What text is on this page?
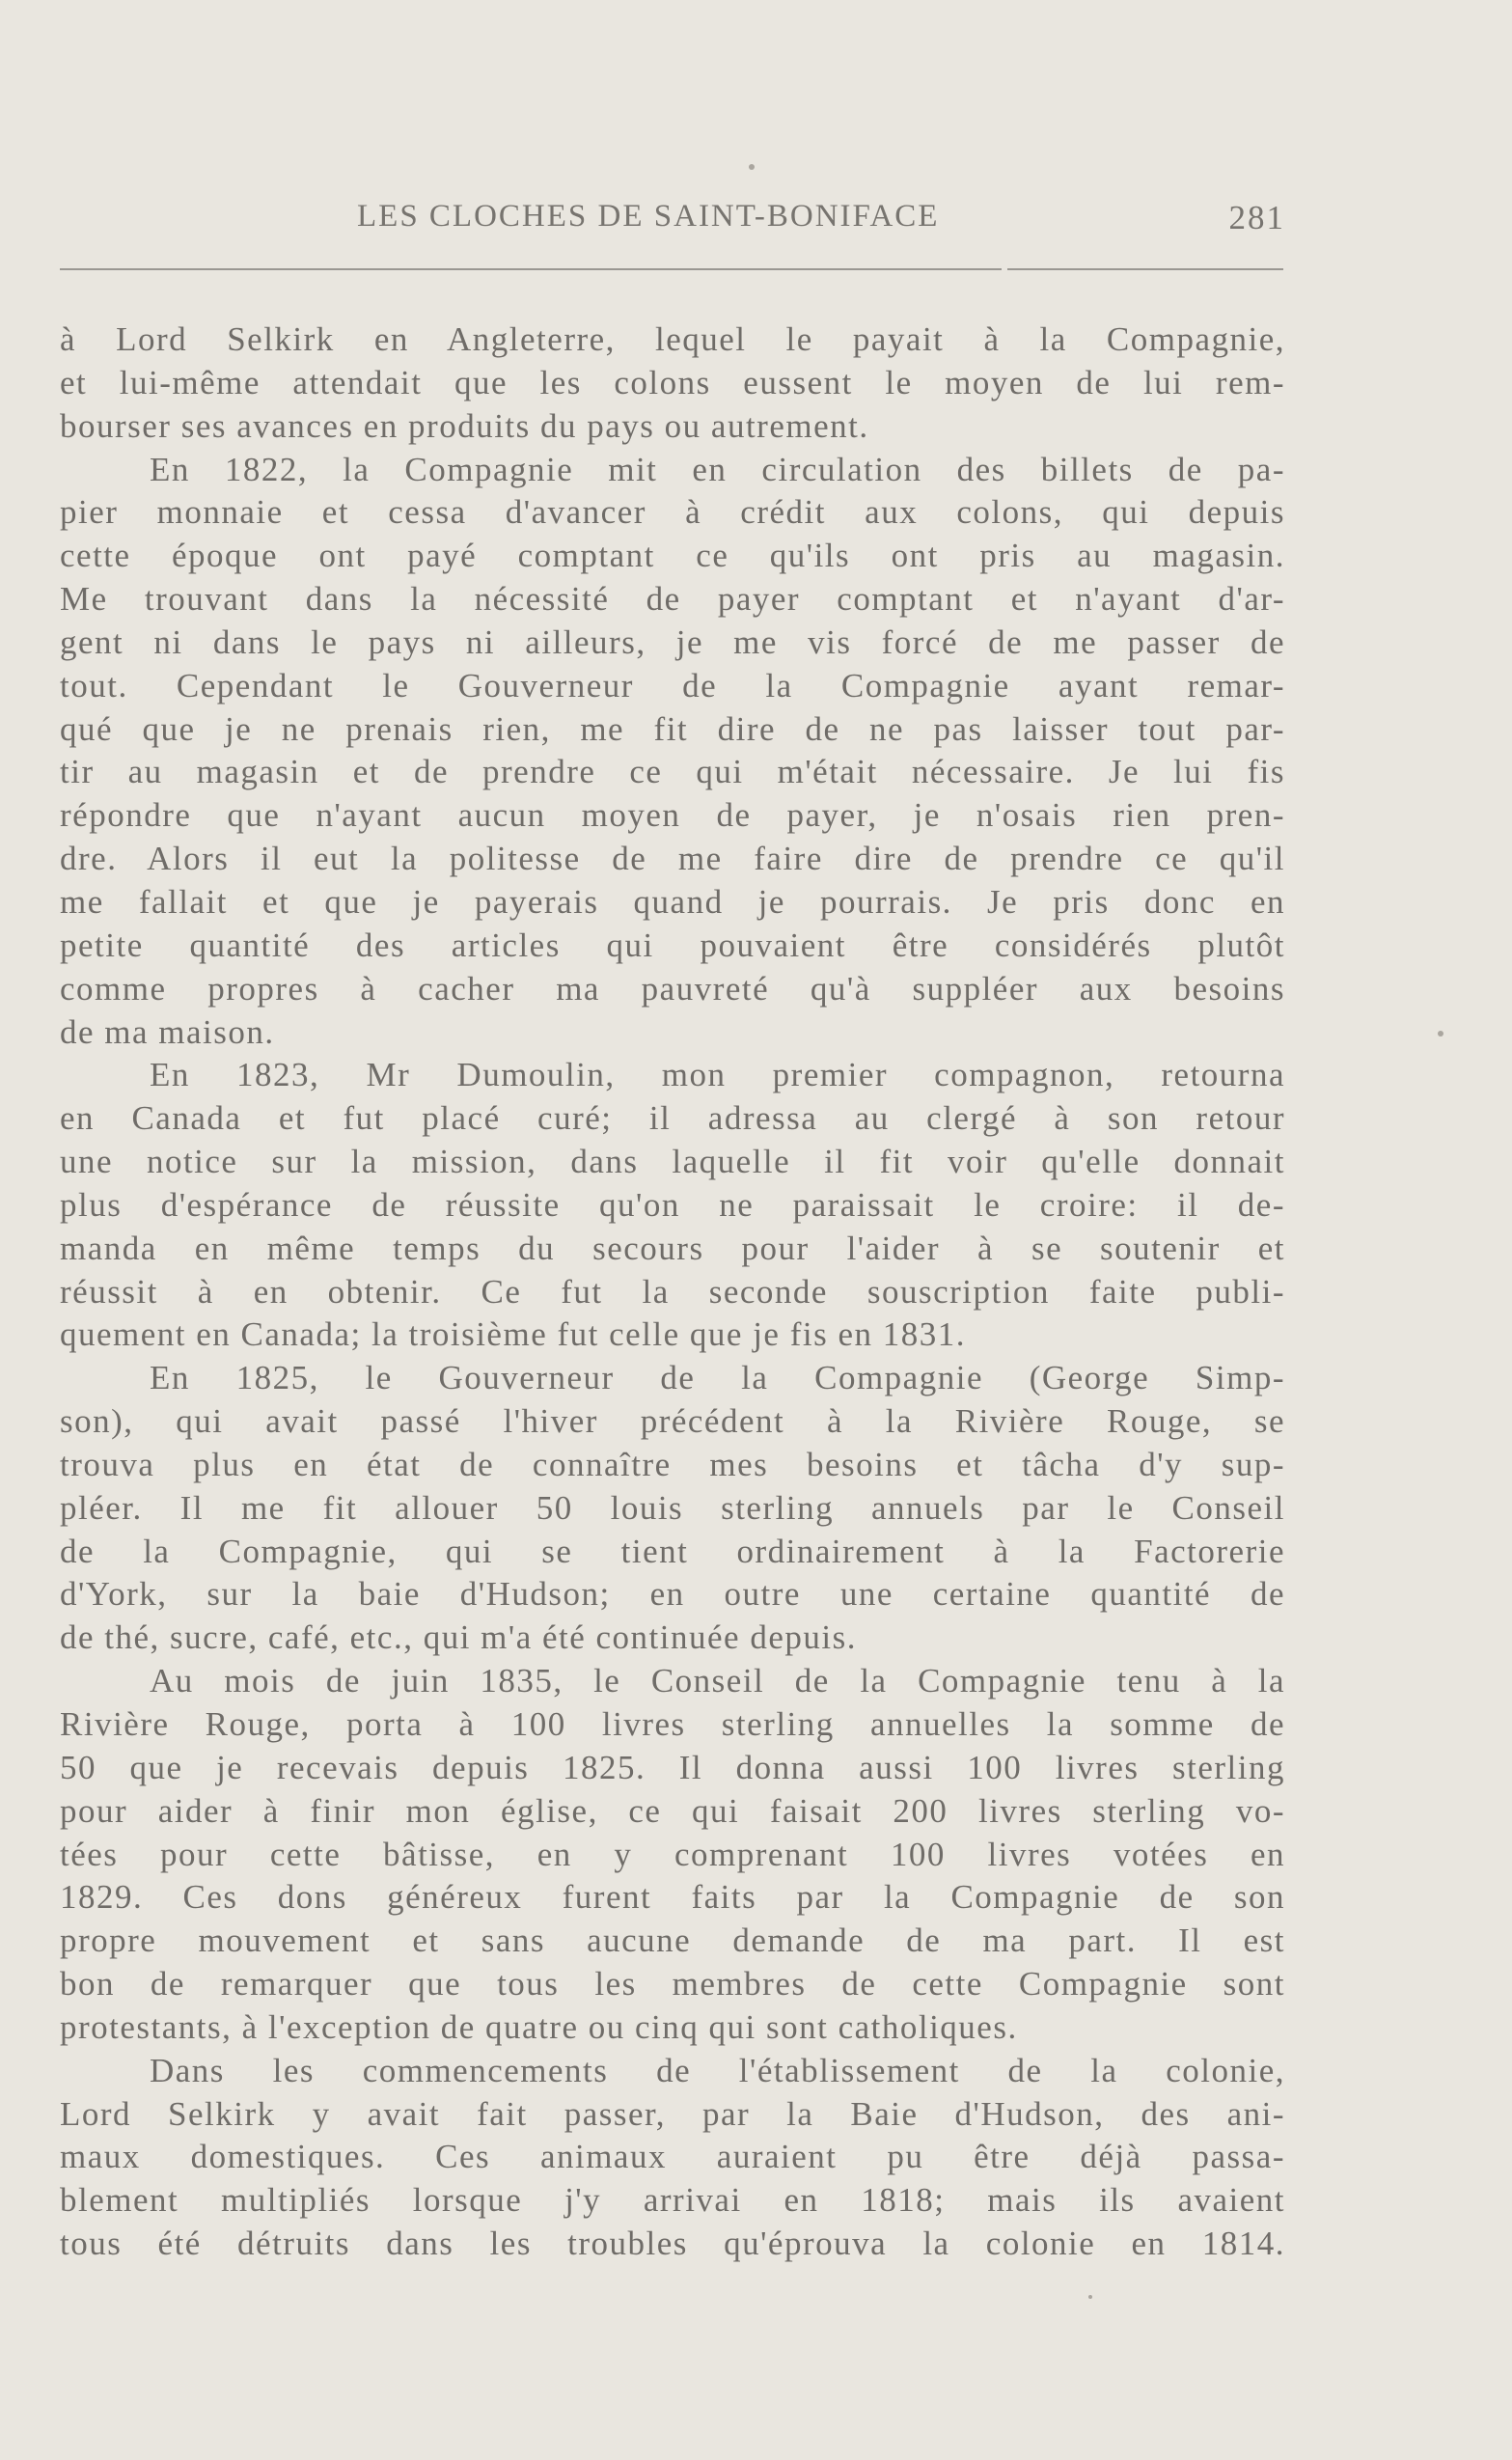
LES CLOCHES DE SAINT-BONIFACE	281
à Lord Selkirk en Angleterre, lequel le payait à la Compagnie,
et lui-même attendait que les colons eussent le moyen de lui rem-
bourser ses avances en produits du pays ou autrement.
En 1822, la Compagnie mit en circulation des billets de pa-
pier monnaie et cessa d'avancer à crédit aux colons, qui depuis
cette époque ont payé comptant ce qu'ils ont pris au magasin.
Me trouvant dans la nécessité de payer comptant et n'ayant d'ar-
gent ni dans le pays ni ailleurs, je me vis forcé de me passer de
tout. Cependant le Gouverneur de la Compagnie ayant remar-
qué que je ne prenais rien, me fit dire de ne pas laisser tout par-
tir au magasin et de prendre ce qui m'était nécessaire. Je lui fis
répondre que n'ayant aucun moyen de payer, je n'osais rien pren-
dre. Alors il eut la politesse de me faire dire de prendre ce qu'il
me fallait et que je payerais quand je pourrais. Je pris donc en
petite quantité des articles qui pouvaient être considérés plutôt
comme propres à cacher ma pauvreté qu'à suppléer aux besoins
de ma maison.
En 1823, Mr Dumoulin, mon premier compagnon, retourna
en Canada et fut placé curé; il adressa au clergé à son retour
une notice sur la mission, dans laquelle il fit voir qu'elle donnait
plus d'espérance de réussite qu'on ne paraissait le croire: il de-
manda en même temps du secours pour l'aider à se soutenir et
réussit à en obtenir. Ce fut la seconde souscription faite publi-
quement en Canada; la troisième fut celle que je fis en 1831.
En 1825, le Gouverneur de la Compagnie (George Simp-
son), qui avait passé l'hiver précédent à la Rivière Rouge, se
trouva plus en état de connaître mes besoins et tâcha d'y sup-
pléer. Il me fit allouer 50 louis sterling annuels par le Conseil
de la Compagnie, qui se tient ordinairement à la Factorerie
d'York, sur la baie d'Hudson; en outre une certaine quantité de
de thé, sucre, café, etc., qui m'a été continuée depuis.
Au mois de juin 1835, le Conseil de la Compagnie tenu à la
Rivière Rouge, porta à 100 livres sterling annuelles la somme de
50 que je recevais depuis 1825. Il donna aussi 100 livres sterling
pour aider à finir mon église, ce qui faisait 200 livres sterling vo-
tées pour cette bâtisse, en y comprenant 100 livres votées en
1829. Ces dons généreux furent faits par la Compagnie de son
propre mouvement et sans aucune demande de ma part. Il est
bon de remarquer que tous les membres de cette Compagnie sont
protestants, à l'exception de quatre ou cinq qui sont catholiques.
Dans les commencements de l'établissement de la colonie,
Lord Selkirk y avait fait passer, par la Baie d'Hudson, des ani-
maux domestiques. Ces animaux auraient pu être déjà passa-
blement multipliés lorsque j'y arrivai en 1818; mais ils avaient
tous été détruits dans les troubles qu'éprouva la colonie en 1814.
